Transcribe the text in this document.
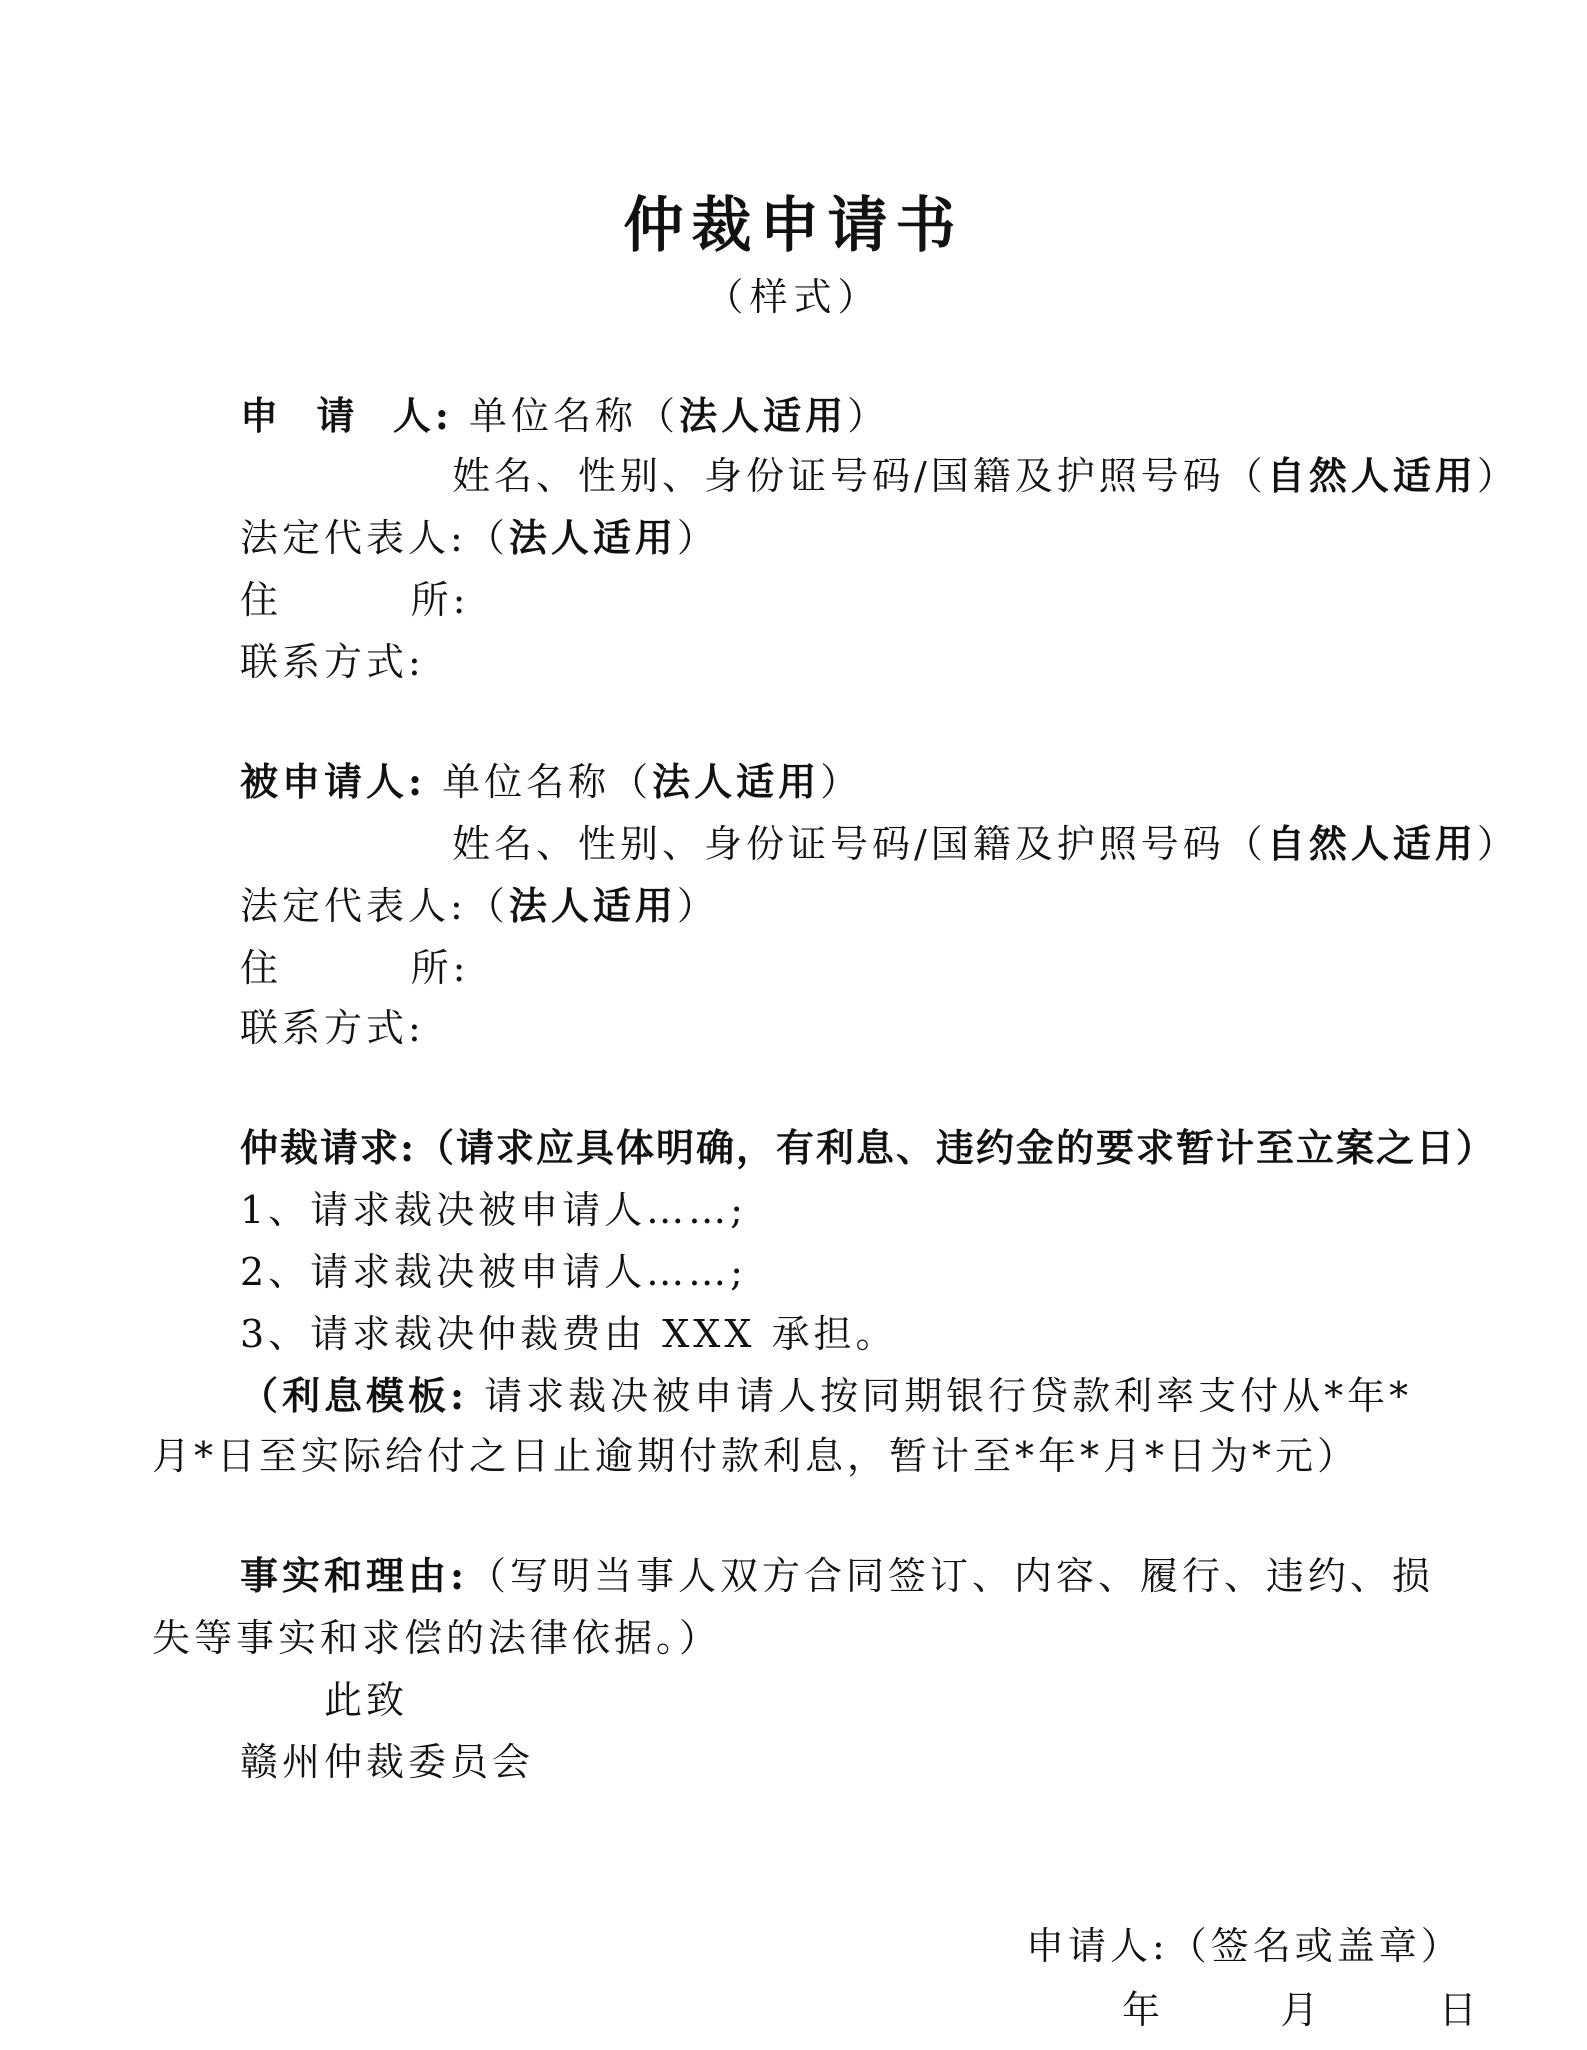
仲裁申请书
（样式）
申  请  人: 单位名称（法人适用）
姓名、性别、身份证号码/国籍及护照号码（自然人适用）
法定代表人:（法人适用）
住        所:
联系方式:
被申请人: 单位名称（法人适用）
姓名、性别、身份证号码/国籍及护照号码（自然人适用）
法定代表人:（法人适用）
住        所:
联系方式:
仲裁请求:（请求应具体明确，有利息、违约金的要求暂计至立案之日）
1、请求裁决被申请人……;
2、请求裁决被申请人……;
3、请求裁决仲裁费由 XXX 承担。
（利息模板: 请求裁决被申请人按同期银行贷款利率支付从*年*
月*日至实际给付之日止逾期付款利息，暂计至*年*月*日为*元）
事实和理由:（写明当事人双方合同签订、内容、履行、违约、损
失等事实和求偿的法律依据。）
此致
赣州仲裁委员会
申请人:（签名或盖章）
年     月     日
